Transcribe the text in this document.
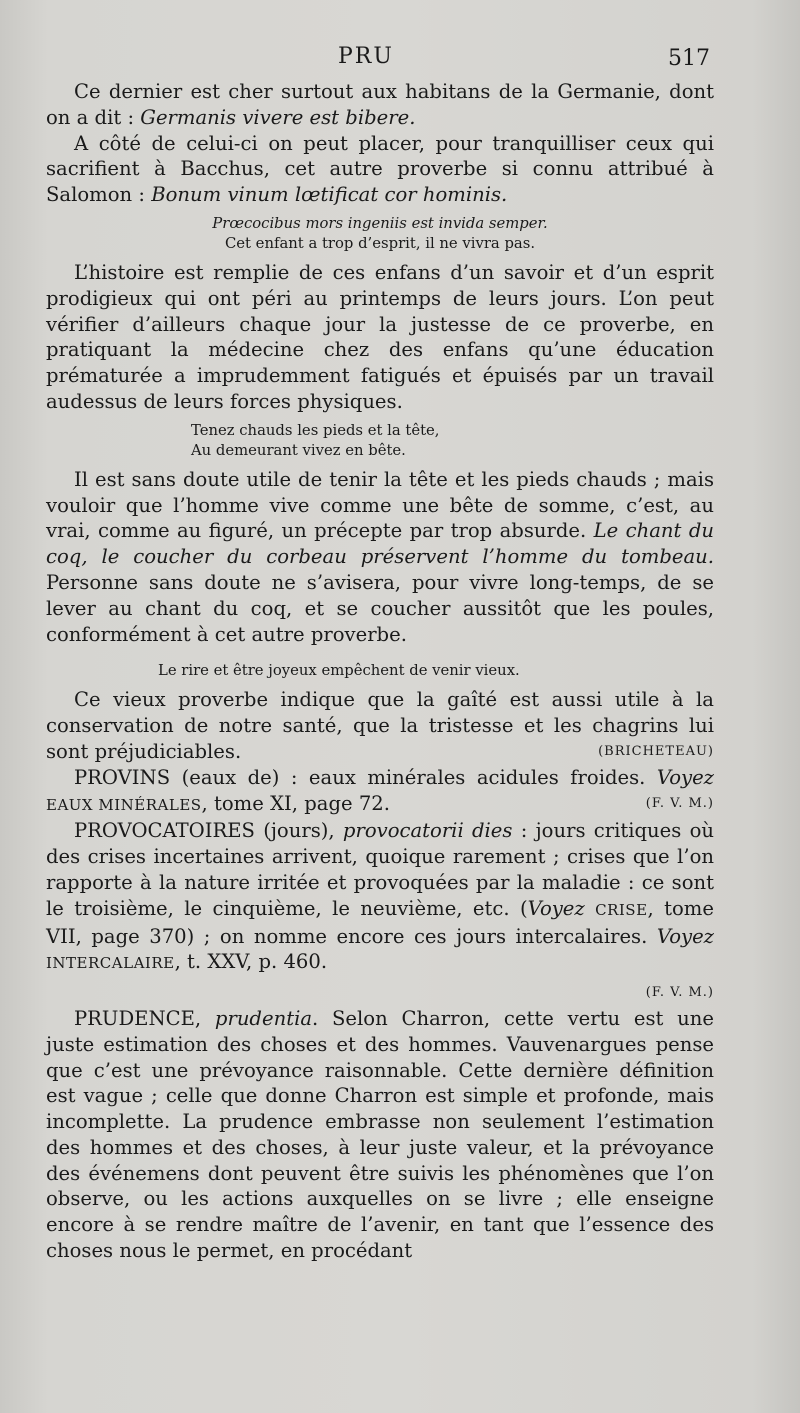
PRU	517

Ce dernier est cher surtout aux habitans de la Germanie, dont on a dit : Germanis vivere est bibere.

A côté de celui-ci on peut placer, pour tranquilliser ceux qui sacrifient à Bacchus, cet autre proverbe si connu attribué à Salomon : Bonum vinum lœtificat cor hominis.

Prœcocibus mors ingeniis est invida semper.

Cet enfant a trop d’esprit, il ne vivra pas.

L’histoire est remplie de ces enfans d’un savoir et d’un esprit prodigieux qui ont péri au printemps de leurs jours. L’on peut vérifier d’ailleurs chaque jour la justesse de ce proverbe, en pratiquant la médecine chez des enfans qu’une éducation prématurée a imprudemment fatigués et épuisés par un travail audessus de leurs forces physiques.

Tenez chauds les pieds et la tête,

Au demeurant vivez en bête.

Il est sans doute utile de tenir la tête et les pieds chauds ; mais vouloir que l’homme vive comme une bête de somme, c’est, au vrai, comme au figuré, un précepte par trop absurde. Le chant du coq, le coucher du corbeau préservent l’homme du tombeau. Personne sans doute ne s’avisera, pour vivre long-temps, de se lever au chant du coq, et se coucher aussitôt que les poules, conformément à cet autre proverbe.

Le rire et être joyeux empêchent de venir vieux.

Ce vieux proverbe indique que la gaîté est aussi utile à la conservation de notre santé, que la tristesse et les chagrins lui sont préjudiciables.	(BRICHETEAU)

PROVINS (eaux de) : eaux minérales acidules froides. Voyez EAUX MINÉRALES, tome XI, page 72.	(F. V. M.)

PROVOCATOIRES (jours), provocatorii dies : jours critiques où des crises incertaines arrivent, quoique rarement ; crises que l’on rapporte à la nature irritée et provoquées par la maladie : ce sont le troisième, le cinquième, le neuvième, etc. (Voyez CRISE, tome VII, page 370) ; on nomme encore ces jours intercalaires. Voyez INTERCALAIRE, t. XXV, p. 460.

(F. V. M.)

PRUDENCE, prudentia. Selon Charron, cette vertu est une juste estimation des choses et des hommes. Vauvenargues pense que c’est une prévoyance raisonnable. Cette dernière définition est vague ; celle que donne Charron est simple et profonde, mais incomplette. La prudence embrasse non seulement l’estimation des hommes et des choses, à leur juste valeur, et la prévoyance des événemens dont peuvent être suivis les phénomènes que l’on observe, ou les actions auxquelles on se livre ; elle enseigne encore à se rendre maître de l’avenir, en tant que l’essence des choses nous le permet, en procédant
